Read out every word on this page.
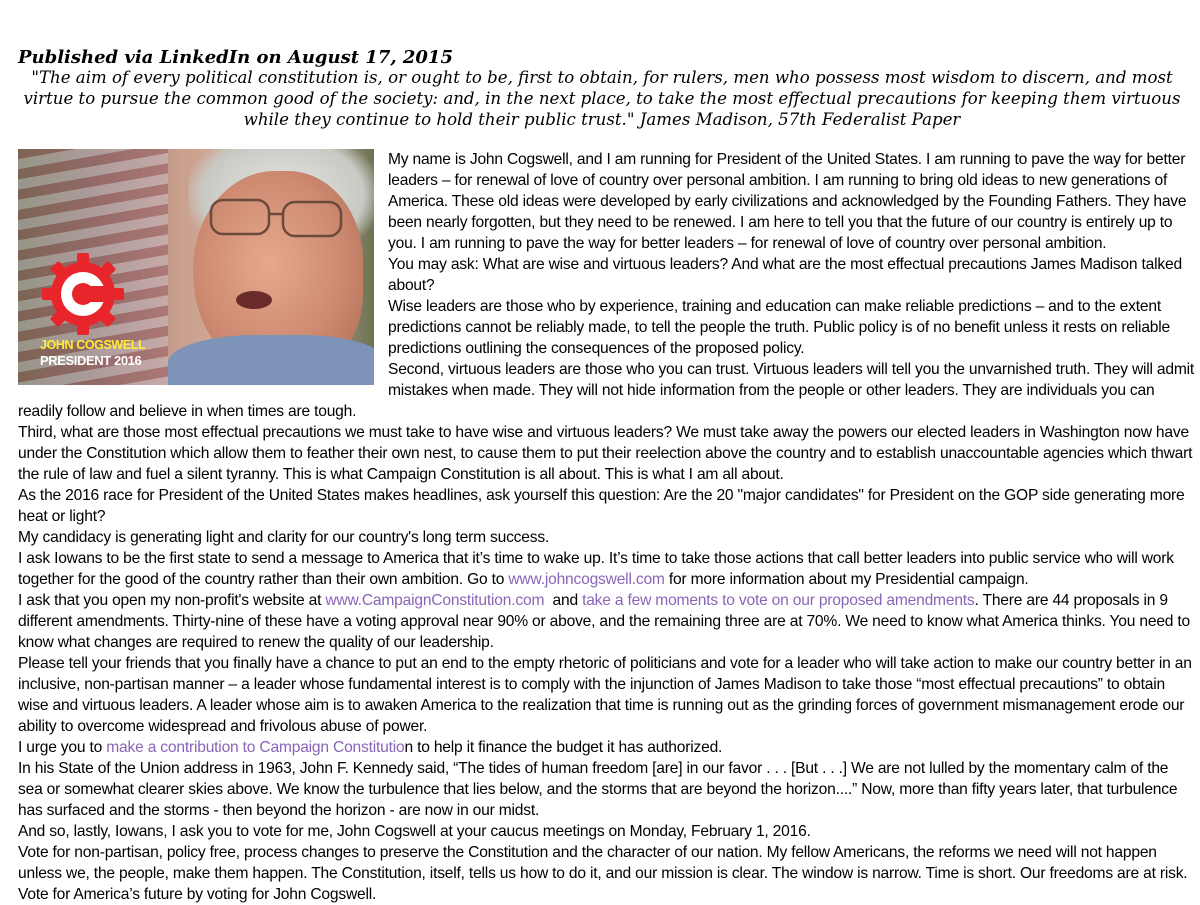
Published via LinkedIn on August 17, 2015
"The aim of every political constitution is, or ought to be, first to obtain, for rulers, men who possess most wisdom to discern, and most virtue to pursue the common good of the society: and, in the next place, to take the most effectual precautions for keeping them virtuous while they continue to hold their public trust." James Madison, 57th Federalist Paper
JOHN COGSWELL
PRESIDENT 2016

My name is John Cogswell, and I am running for President of the United States. I am running to pave the way for better leaders – for renewal of love of country over personal ambition. I am running to bring old ideas to new generations of America. These old ideas were developed by early civilizations and acknowledged by the Founding Fathers. They have been nearly forgotten, but they need to be renewed. I am here to tell you that the future of our country is entirely up to you. I am running to pave the way for better leaders – for renewal of love of country over personal ambition.

You may ask: What are wise and virtuous leaders? And what are the most effectual precautions James Madison talked about?

Wise leaders are those who by experience, training and education can make reliable predictions – and to the extent predictions cannot be reliably made, to tell the people the truth. Public policy is of no benefit unless it rests on reliable predictions outlining the consequences of the proposed policy.

Second, virtuous leaders are those who you can trust. Virtuous leaders will tell you the unvarnished truth. They will admit mistakes when made. They will not hide information from the people or other leaders. They are individuals you can readily follow and believe in when times are tough.

Third, what are those most effectual precautions we must take to have wise and virtuous leaders? We must take away the powers our elected leaders in Washington now have under the Constitution which allow them to feather their own nest, to cause them to put their reelection above the country and to establish unaccountable agencies which thwart the rule of law and fuel a silent tyranny. This is what Campaign Constitution is all about. This is what I am all about.

As the 2016 race for President of the United States makes headlines, ask yourself this question: Are the 20 "major candidates" for President on the GOP side generating more heat or light?

My candidacy is generating light and clarity for our country's long term success.

I ask Iowans to be the first state to send a message to America that it’s time to wake up. It’s time to take those actions that call better leaders into public service who will work together for the good of the country rather than their own ambition. Go to www.johncogswell.com for more information about my Presidential campaign.

I ask that you open my non-profit's website at www.CampaignConstitution.com  and take a few moments to vote on our proposed amendments. There are 44 proposals in 9 different amendments. Thirty-nine of these have a voting approval near 90% or above, and the remaining three are at 70%. We need to know what America thinks. You need to know what changes are required to renew the quality of our leadership.

Please tell your friends that you finally have a chance to put an end to the empty rhetoric of politicians and vote for a leader who will take action to make our country better in an inclusive, non-partisan manner – a leader whose fundamental interest is to comply with the injunction of James Madison to take those “most effectual precautions” to obtain wise and virtuous leaders. A leader whose aim is to awaken America to the realization that time is running out as the grinding forces of government mismanagement erode our ability to overcome widespread and frivolous abuse of power.

I urge you to make a contribution to Campaign Constitution to help it finance the budget it has authorized.

In his State of the Union address in 1963, John F. Kennedy said, “The tides of human freedom [are] in our favor . . . [But . . .] We are not lulled by the momentary calm of the sea or somewhat clearer skies above. We know the turbulence that lies below, and the storms that are beyond the horizon....” Now, more than fifty years later, that turbulence has surfaced and the storms - then beyond the horizon - are now in our midst.

And so, lastly, Iowans, I ask you to vote for me, John Cogswell at your caucus meetings on Monday, February 1, 2016.

Vote for non-partisan, policy free, process changes to preserve the Constitution and the character of our nation. My fellow Americans, the reforms we need will not happen unless we, the people, make them happen. The Constitution, itself, tells us how to do it, and our mission is clear. The window is narrow. Time is short. Our freedoms are at risk. Vote for America’s future by voting for John Cogswell.
